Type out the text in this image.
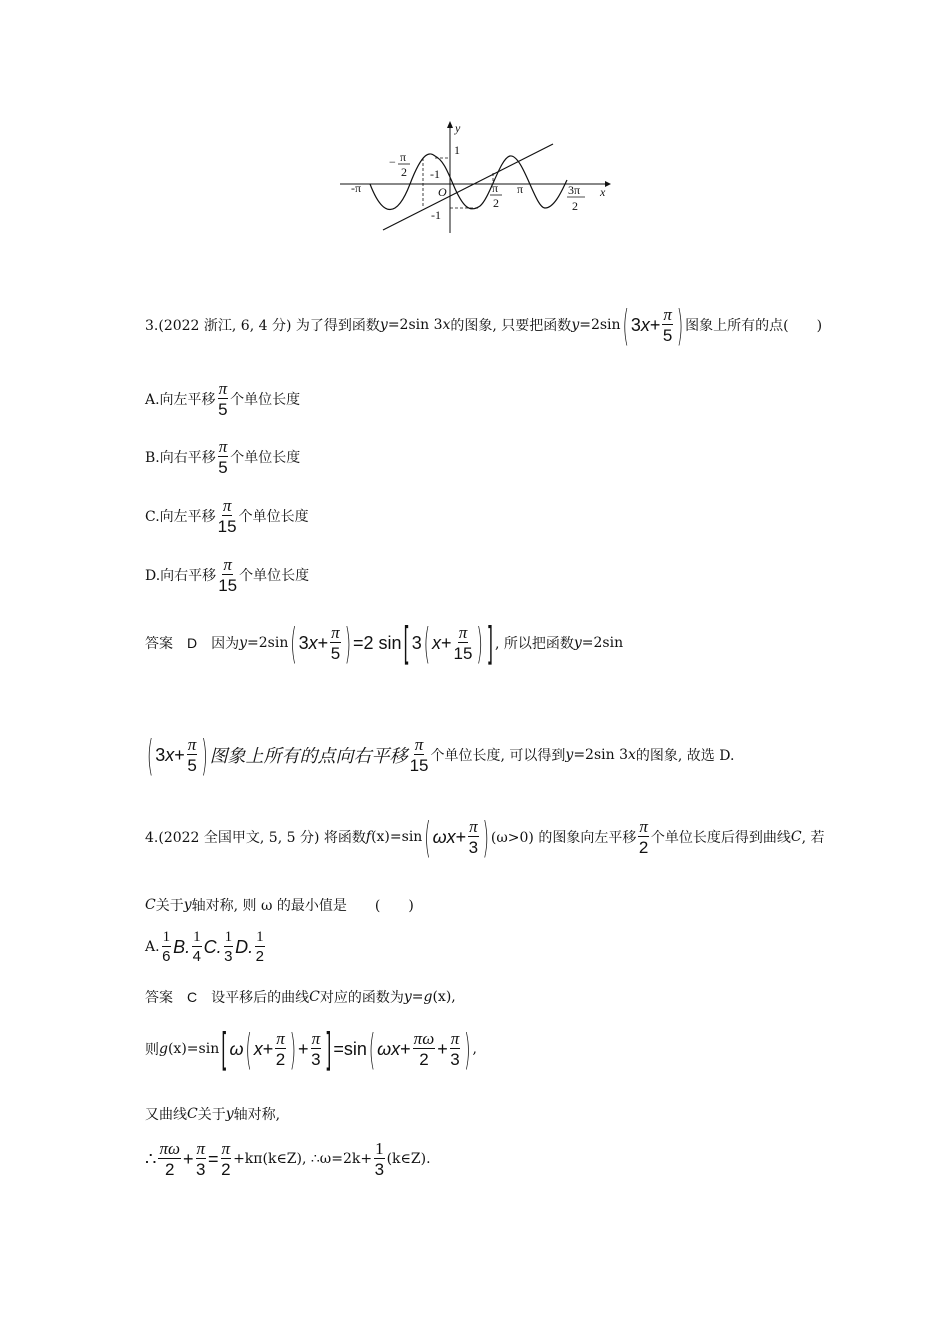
y
x
O
1
-1
-1
-π	π
− π
2
π
2
3π
2
3.(2022 浙江, 6, 4 分) 为了得到函数 y =2sin 3 x 的图象, 只要把函数 y =2sin ( 3 $x + \frac{\pi}{5}$ ) 图象上所有的点(　　)
A.向左平移 $\frac{\pi}{5}$ 个单位长度
B.向右平移 $\frac{\pi}{5}$ 个单位长度
C.向左平移 $\frac{\pi}{15}$ 个单位长度
D.向右平移 $\frac{\pi}{15}$ 个单位长度
答案 D 因为 y =2sin ( 3 $x + \frac{\pi}{5}$ ) =2 sin [ 3 ( $x + \frac{\pi}{15}$ ) ] , 所以把函数 y =2sin
( 3 $x + \frac{\pi}{5}$ ) 图象上所有的点向右平移 $\frac{\pi}{15}$ 个单位长度, 可以得到 y =2sin 3 x 的图象, 故选 D.
4.(2022 全国甲文, 5, 5 分) 将函数 f (x) =sin ( $\omega x + \frac{\pi}{3}$ ) (ω>0) 的图象向左平移 $\frac{\pi}{2}$ 个单位长度后得到曲线 C , 若
C 关于 y 轴对称, 则 ω 的最小值是　　(　　)
A. $\frac{1}{6} B$. $\frac{1}{4} C$. $\frac{1}{3} D$. $\frac{1}{2}$
答案 C 设平移后的曲线 C 对应的函数为 y =g (x),
则 g (x) =sin [ ω ( $x + \frac{\pi}{2}$ ) + $\frac{\pi}{3}$ ] =sin ( $\omega x + \frac{\pi\omega}{2} + \frac{\pi}{3}$ ) ,
又曲线 C 关于 y 轴对称,
∴ $\frac{\pi\omega}{2} + \frac{\pi}{3} = \frac{\pi}{2}$ +kπ(k∈Z), ∴ω=2k+ $\frac{1}{3}$ (k∈Z).
